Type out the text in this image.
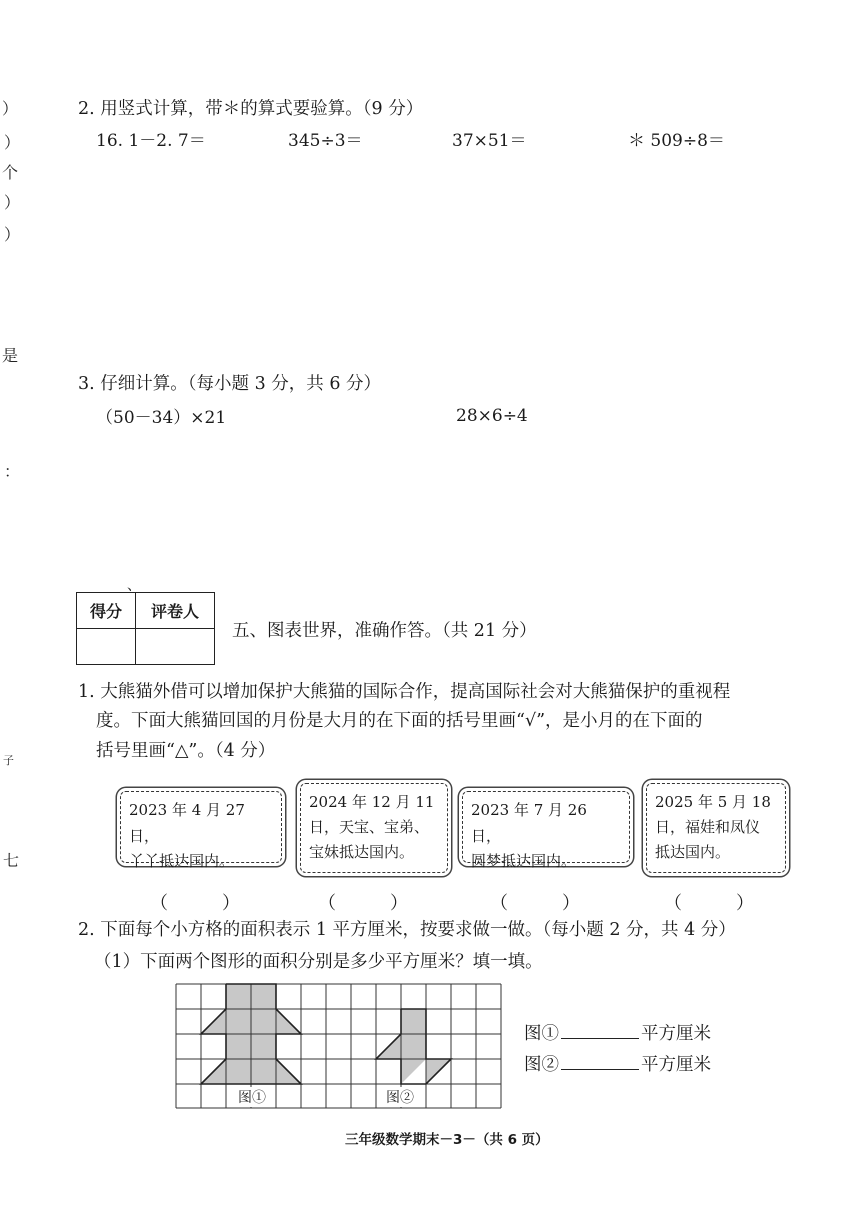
）
）
个
）
）
是
：
子
七
2. 用竖式计算，带＊的算式要验算。（9 分）
16. 1－2. 7＝	345÷3＝	37×51＝	＊ 509÷8＝
3. 仔细计算。（每小题 3 分，共 6 分）
（50－34）×21	28×6÷4
、
得分	评卷人

五、图表世界，准确作答。（共 21 分）
1. 大熊猫外借可以增加保护大熊猫的国际合作，提高国际社会对大熊猫保护的重视程
度。下面大熊猫回国的月份是大月的在下面的括号里画“√”，是小月的在下面的
括号里画“△”。（4 分）
2023 年 4 月 27 日，
丫丫抵达国内。
2024 年 12 月 11
日，天宝、宝弟、
宝妹抵达国内。
2023 年 7 月 26 日，
圆梦抵达国内。
2025 年 5 月 18
日，福娃和凤仪
抵达国内。
（　　　）	（　　　）	（　　　）	（　　　）
2. 下面每个小方格的面积表示 1 平方厘米，按要求做一做。（每小题 2 分，共 4 分）
（1）下面两个图形的面积分别是多少平方厘米？填一填。
图①	图②
图①	平方厘米
图②	平方厘米
三年级数学期末－3－（共 6 页）
